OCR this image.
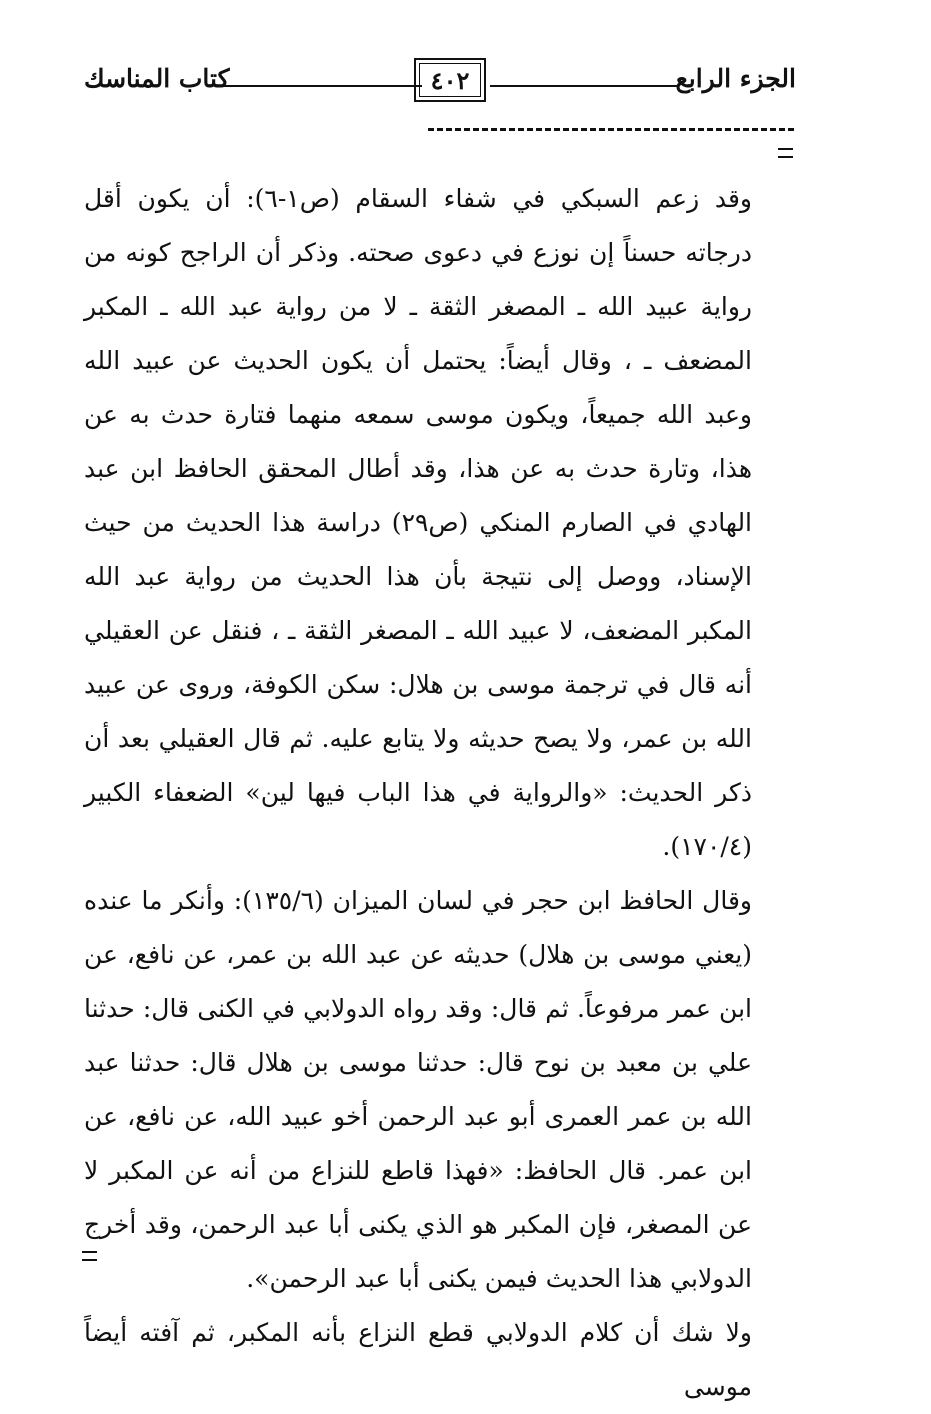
الجزء الرابع
٤٠٢
كتاب المناسك

وقد زعم السبكي في شفاء السقام (ص١-٦): أن يكون أقل درجاته حسناً إن نوزع في دعوى صحته. وذكر أن الراجح كونه من رواية عبيد الله ـ المصغر الثقة ـ لا من رواية عبد الله ـ المكبر المضعف ـ ، وقال أيضاً: يحتمل أن يكون الحديث عن عبيد الله وعبد الله جميعاً، ويكون موسى سمعه منهما فتارة حدث به عن هذا، وتارة حدث به عن هذا، وقد أطال المحقق الحافظ ابن عبد الهادي في الصارم المنكي (ص٢٩) دراسة هذا الحديث من حيث الإسناد، ووصل إلى نتيجة بأن هذا الحديث من رواية عبد الله المكبر المضعف، لا عبيد الله ـ المصغر الثقة ـ ، فنقل عن العقيلي أنه قال في ترجمة موسى بن هلال: سكن الكوفة، وروى عن عبيد الله بن عمر، ولا يصح حديثه ولا يتابع عليه. ثم قال العقيلي بعد أن ذكر الحديث: «والرواية في هذا الباب فيها لين» الضعفاء الكبير (١٧٠/٤).

وقال الحافظ ابن حجر في لسان الميزان (١٣٥/٦): وأنكر ما عنده (يعني موسى بن هلال) حديثه عن عبد الله بن عمر، عن نافع، عن ابن عمر مرفوعاً. ثم قال: وقد رواه الدولابي في الكنى قال: حدثنا علي بن معبد بن نوح قال: حدثنا موسى بن هلال قال: حدثنا عبد الله بن عمر العمرى أبو عبد الرحمن أخو عبيد الله، عن نافع، عن ابن عمر. قال الحافظ: «فهذا قاطع للنزاع من أنه عن المكبر لا عن المصغر، فإن المكبر هو الذي يكنى أبا عبد الرحمن، وقد أخرج الدولابي هذا الحديث فيمن يكنى أبا عبد الرحمن».

ولا شك أن كلام الدولابي قطع النزاع بأنه المكبر، ثم آفته أيضاً موسى
